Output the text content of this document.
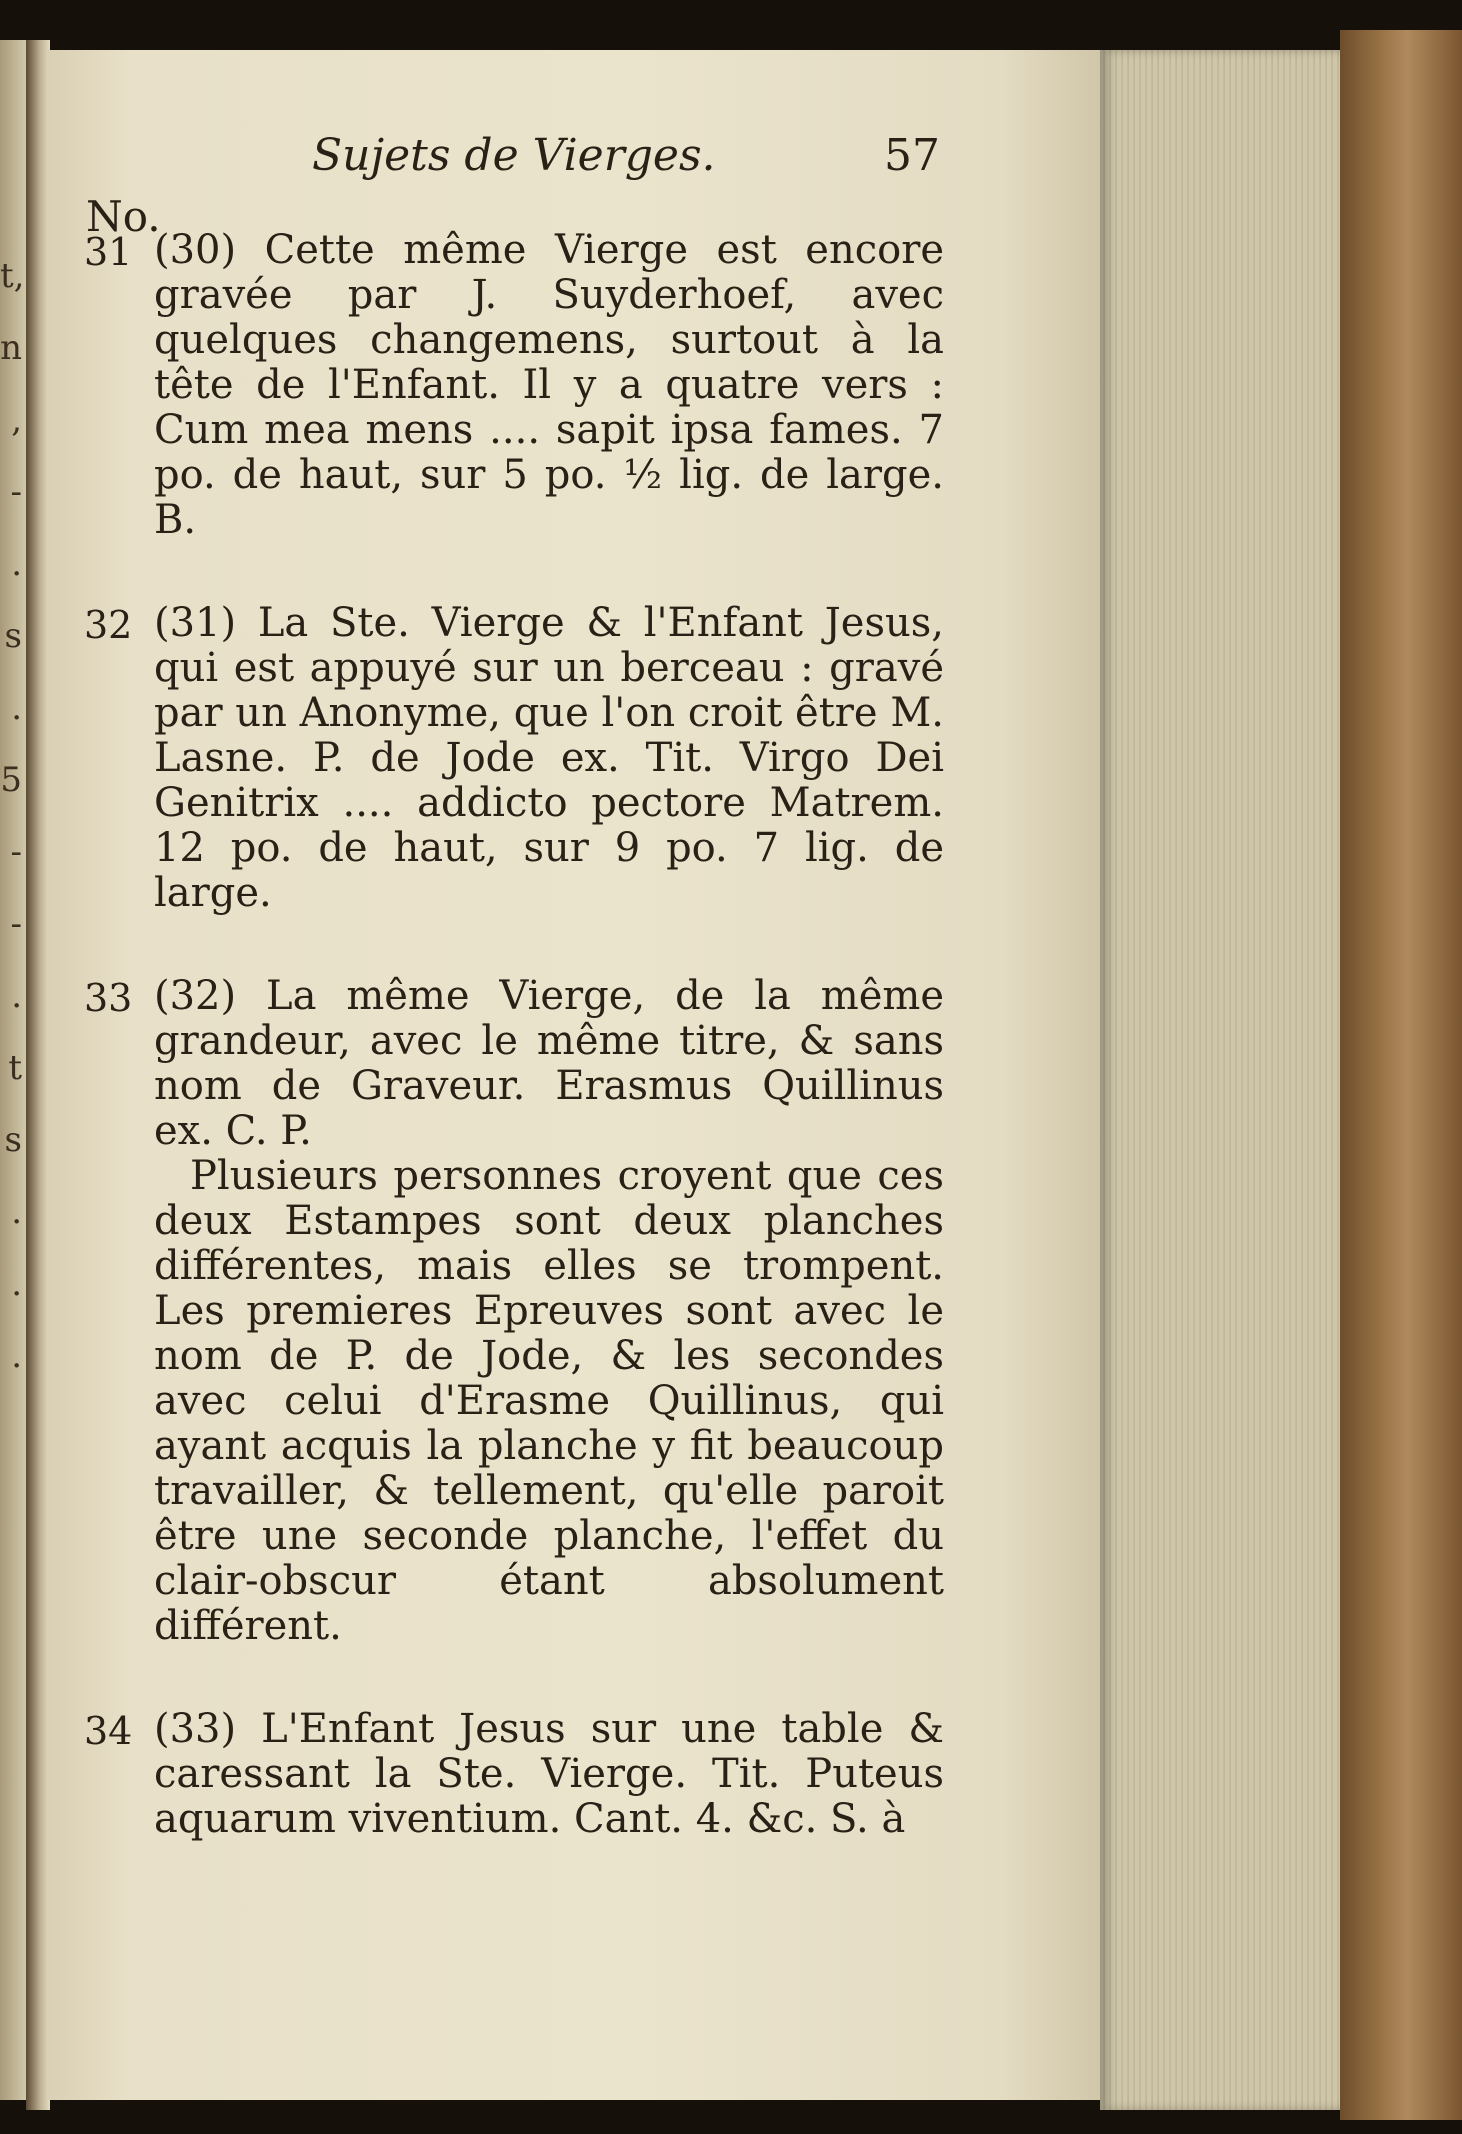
t,
n
,
-
.
s
.
5
-
-
.
t
s
.
.
.
Sujets de Vierges.	57
No.
31 (30) Cette même Vierge est encore gravée par J. Suyderhoef, avec quelques changemens, surtout à la tête de l'Enfant. Il y a quatre vers : Cum mea mens .... sapit ipsa fames. 7 po. de haut, sur 5 po. ½ lig. de large. B.
32 (31) La Ste. Vierge & l'Enfant Jesus, qui est appuyé sur un berceau : gravé par un Anonyme, que l'on croit être M. Lasne. P. de Jode ex. Tit. Virgo Dei Genitrix .... addicto pectore Matrem. 12 po. de haut, sur 9 po. 7 lig. de large.
33 (32) La même Vierge, de la même grandeur, avec le même titre, & sans nom de Graveur. Erasmus Quillinus ex. C. P.
Plusieurs personnes croyent que ces deux Estampes sont deux planches différentes, mais elles se trompent. Les premieres Epreuves sont avec le nom de P. de Jode, & les secondes avec celui d'Erasme Quillinus, qui ayant acquis la planche y fit beaucoup travailler, & tellement, qu'elle paroit être une seconde planche, l'effet du clair-obscur étant absolument différent.
34 (33) L'Enfant Jesus sur une table & caressant la Ste. Vierge. Tit. Puteus aquarum viventium. Cant. 4. &c. S. à
